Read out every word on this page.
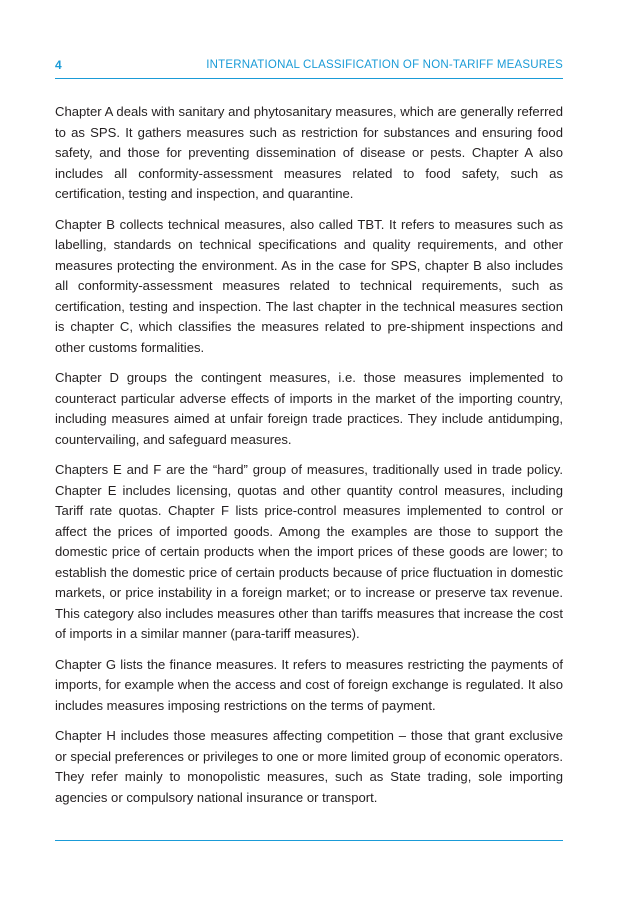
4	INTERNATIONAL CLASSIFICATION OF NON-TARIFF MEASURES

Chapter A deals with sanitary and phytosanitary measures, which are generally referred to as SPS. It gathers measures such as restriction for substances and ensuring food safety, and those for preventing dissemination of disease or pests. Chapter A also includes all conformity-assessment measures related to food safety, such as certification, testing and inspection, and quarantine.

Chapter B collects technical measures, also called TBT. It refers to measures such as labelling, standards on technical specifications and quality requirements, and other measures protecting the environment. As in the case for SPS, chapter B also includes all conformity-assessment measures related to technical requirements, such as certification, testing and inspection. The last chapter in the technical measures section is chapter C, which classifies the measures related to pre-shipment inspections and other customs formalities.

Chapter D groups the contingent measures, i.e. those measures implemented to counteract particular adverse effects of imports in the market of the importing country, including measures aimed at unfair foreign trade practices. They include antidumping, countervailing, and safeguard measures.

Chapters E and F are the “hard” group of measures, traditionally used in trade policy. Chapter E includes licensing, quotas and other quantity control measures, including Tariff rate quotas. Chapter F lists price-control measures implemented to control or affect the prices of imported goods. Among the examples are those to support the domestic price of certain products when the import prices of these goods are lower; to establish the domestic price of certain products because of price fluctuation in domestic markets, or price instability in a foreign market; or to increase or preserve tax revenue. This category also includes measures other than tariffs measures that increase the cost of imports in a similar manner (para-tariff measures).

Chapter G lists the finance measures. It refers to measures restricting the payments of imports, for example when the access and cost of foreign exchange is regulated. It also includes measures imposing restrictions on the terms of payment.

Chapter H includes those measures affecting competition – those that grant exclusive or special preferences or privileges to one or more limited group of economic operators. They refer mainly to monopolistic measures, such as State trading, sole importing agencies or compulsory national insurance or transport.
